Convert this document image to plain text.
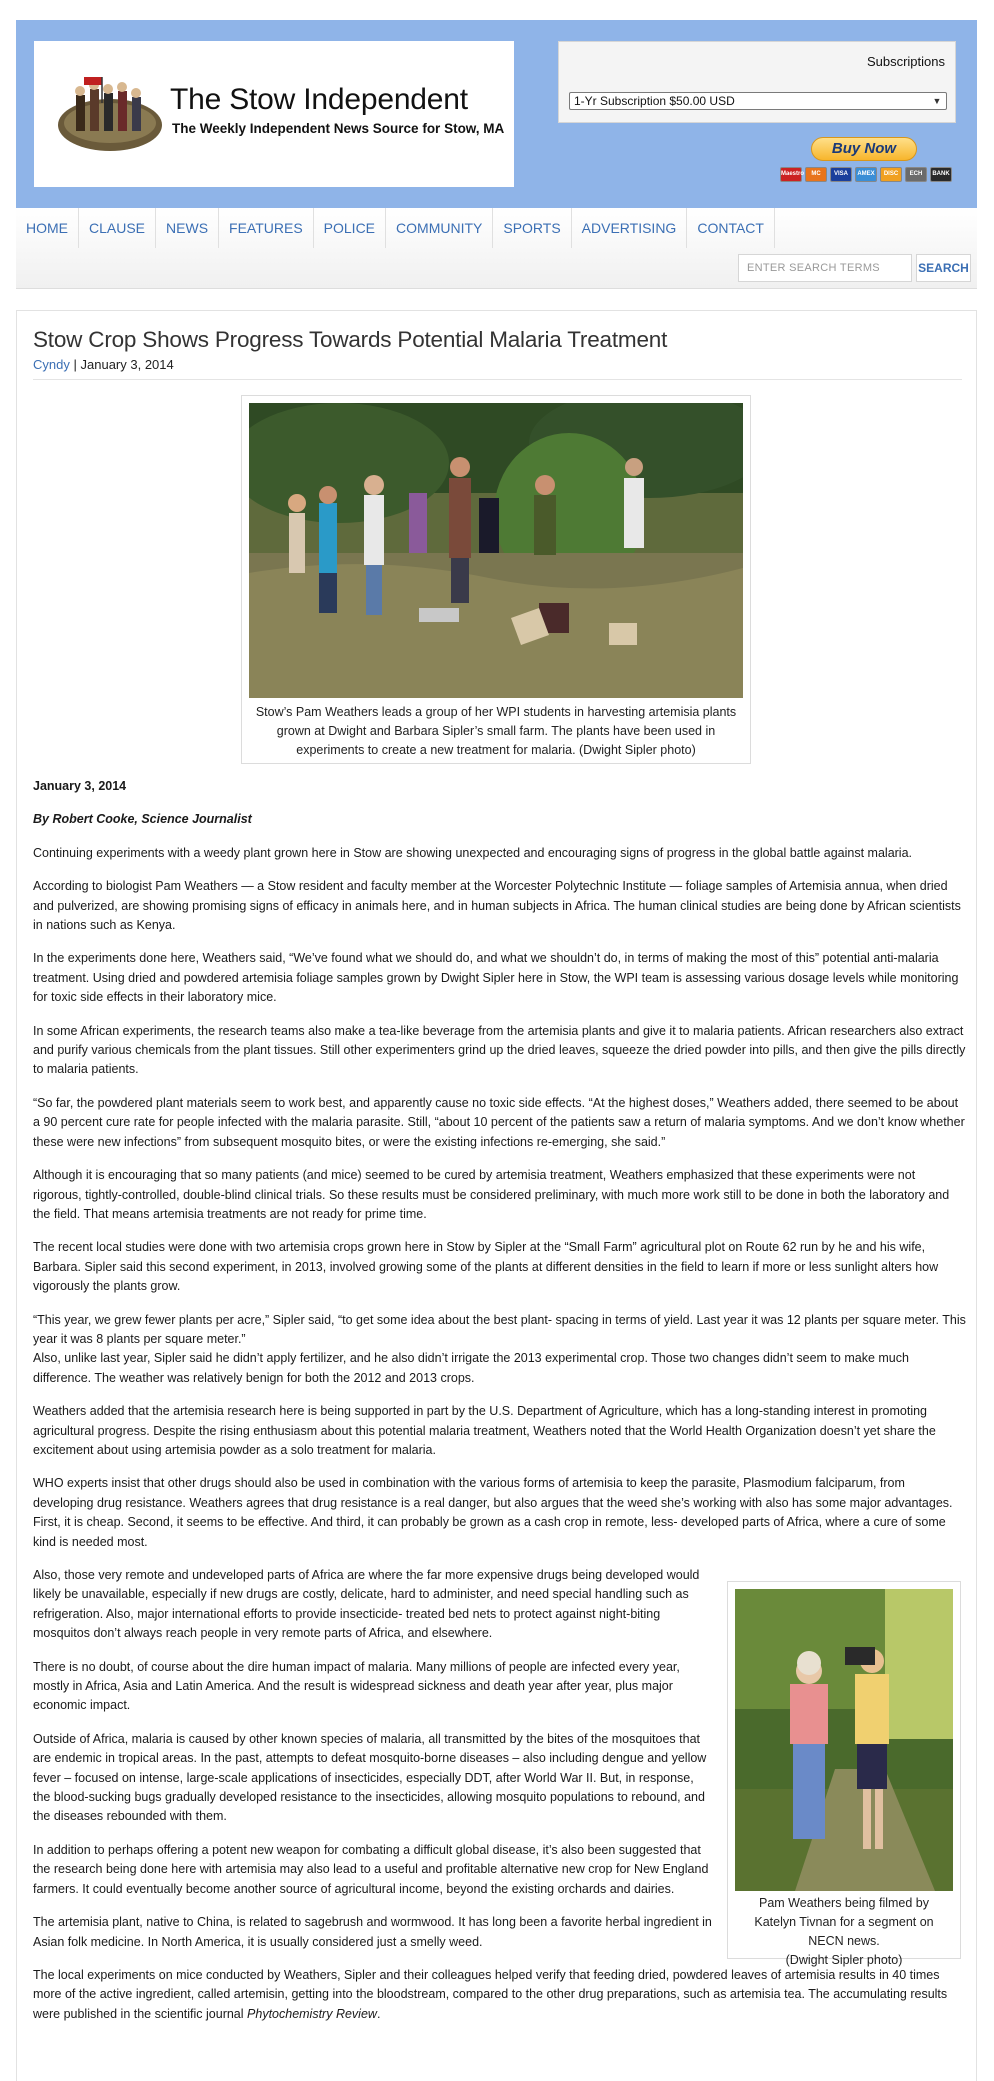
The Stow Independent
The Weekly Independent News Source for Stow, MA
Subscriptions
1-Yr Subscription $50.00 USD	▼
Buy Now
Maestro	MC	VISA	AMEX	DISC	ECH	BANK
HOME	CLAUSE	NEWS	FEATURES	POLICE	COMMUNITY	SPORTS	ADVERTISING	CONTACT
ENTER SEARCH TERMS	SEARCH
Stow Crop Shows Progress Towards Potential Malaria Treatment
Cyndy | January 3, 2014
Stow’s Pam Weathers leads a group of her WPI students in harvesting artemisia plants grown at Dwight and Barbara Sipler’s small farm. The plants have been used in experiments to create a new treatment for malaria. (Dwight Sipler photo)

January 3, 2014

By Robert Cooke, Science Journalist

Continuing experiments with a weedy plant grown here in Stow are showing unexpected and encouraging signs of progress in the global battle against malaria.

According to biologist Pam Weathers — a Stow resident and faculty member at the Worcester Polytechnic Institute — foliage samples of Artemisia annua, when dried and pulverized, are showing promising signs of efficacy in animals here, and in human subjects in Africa. The human clinical studies are being done by African scientists in nations such as Kenya.

In the experiments done here, Weathers said, “We’ve found what we should do, and what we shouldn’t do, in terms of making the most of this” potential anti-malaria treatment. Using dried and powdered artemisia foliage samples grown by Dwight Sipler here in Stow, the WPI team is assessing various dosage levels while monitoring for toxic side effects in their laboratory mice.

In some African experiments, the research teams also make a tea-like beverage from the artemisia plants and give it to malaria patients. African researchers also extract and purify various chemicals from the plant tissues. Still other experimenters grind up the dried leaves, squeeze the dried powder into pills, and then give the pills directly to malaria patients.

“So far, the powdered plant materials seem to work best, and apparently cause no toxic side effects. “At the highest doses,” Weathers added, there seemed to be about a 90 percent cure rate for people infected with the malaria parasite. Still, “about 10 percent of the patients saw a return of malaria symptoms. And we don’t know whether these were new infections” from subsequent mosquito bites, or were the existing infections re-emerging, she said.”

Although it is encouraging that so many patients (and mice) seemed to be cured by artemisia treatment, Weathers emphasized that these experiments were not rigorous, tightly-controlled, double-blind clinical trials. So these results must be considered preliminary, with much more work still to be done in both the laboratory and the field. That means artemisia treatments are not ready for prime time.

The recent local studies were done with two artemisia crops grown here in Stow by Sipler at the “Small Farm” agricultural plot on Route 62 run by he and his wife, Barbara. Sipler said this second experiment, in 2013, involved growing some of the plants at different densities in the field to learn if more or less sunlight alters how vigorously the plants grow.

“This year, we grew fewer plants per acre,” Sipler said, “to get some idea about the best plant- spacing in terms of yield. Last year it was 12 plants per square meter. This year it was 8 plants per square meter.”
Also, unlike last year, Sipler said he didn’t apply fertilizer, and he also didn’t irrigate the 2013 experimental crop. Those two changes didn’t seem to make much difference. The weather was relatively benign for both the 2012 and 2013 crops.

Weathers added that the artemisia research here is being supported in part by the U.S. Department of Agriculture, which has a long-standing interest in promoting agricultural progress. Despite the rising enthusiasm about this potential malaria treatment, Weathers noted that the World Health Organization doesn’t yet share the excitement about using artemisia powder as a solo treatment for malaria.

WHO experts insist that other drugs should also be used in combination with the various forms of artemisia to keep the parasite, Plasmodium falciparum, from developing drug resistance. Weathers agrees that drug resistance is a real danger, but also argues that the weed she’s working with also has some major advantages. First, it is cheap. Second, it seems to be effective. And third, it can probably be grown as a cash crop in remote, less- developed parts of Africa, where a cure of some kind is needed most.

Also, those very remote and undeveloped parts of Africa are where the far more expensive drugs being developed would likely be unavailable, especially if new drugs are costly, delicate, hard to administer, and need special handling such as refrigeration. Also, major international efforts to provide insecticide- treated bed nets to protect against night-biting mosquitos don’t always reach people in very remote parts of Africa, and elsewhere.

There is no doubt, of course about the dire human impact of malaria. Many millions of people are infected every year, mostly in Africa, Asia and Latin America. And the result is widespread sickness and death year after year, plus major economic impact.

Outside of Africa, malaria is caused by other known species of malaria, all transmitted by the bites of the mosquitoes that are endemic in tropical areas. In the past, attempts to defeat mosquito-borne diseases – also including dengue and yellow fever – focused on intense, large-scale applications of insecticides, especially DDT, after World War II. But, in response, the blood-sucking bugs gradually developed resistance to the insecticides, allowing mosquito populations to rebound, and the diseases rebounded with them.

In addition to perhaps offering a potent new weapon for combating a difficult global disease, it’s also been suggested that the research being done here with artemisia may also lead to a useful and profitable alternative new crop for New England farmers. It could eventually become another source of agricultural income, beyond the existing orchards and dairies.

The artemisia plant, native to China, is related to sagebrush and wormwood. It has long been a favorite herbal ingredient in Asian folk medicine. In North America, it is usually considered just a smelly weed.

The local experiments on mice conducted by Weathers, Sipler and their colleagues helped verify that feeding dried, powdered leaves of artemisia results in 40 times more of the active ingredient, called artemisin, getting into the bloodstream, compared to the other drug preparations, such as artemisia tea. The accumulating results were published in the scientific journal Phytochemistry Review.

Pam Weathers being filmed by
Katelyn Tivnan for a segment on
NECN news.
(Dwight Sipler photo)
